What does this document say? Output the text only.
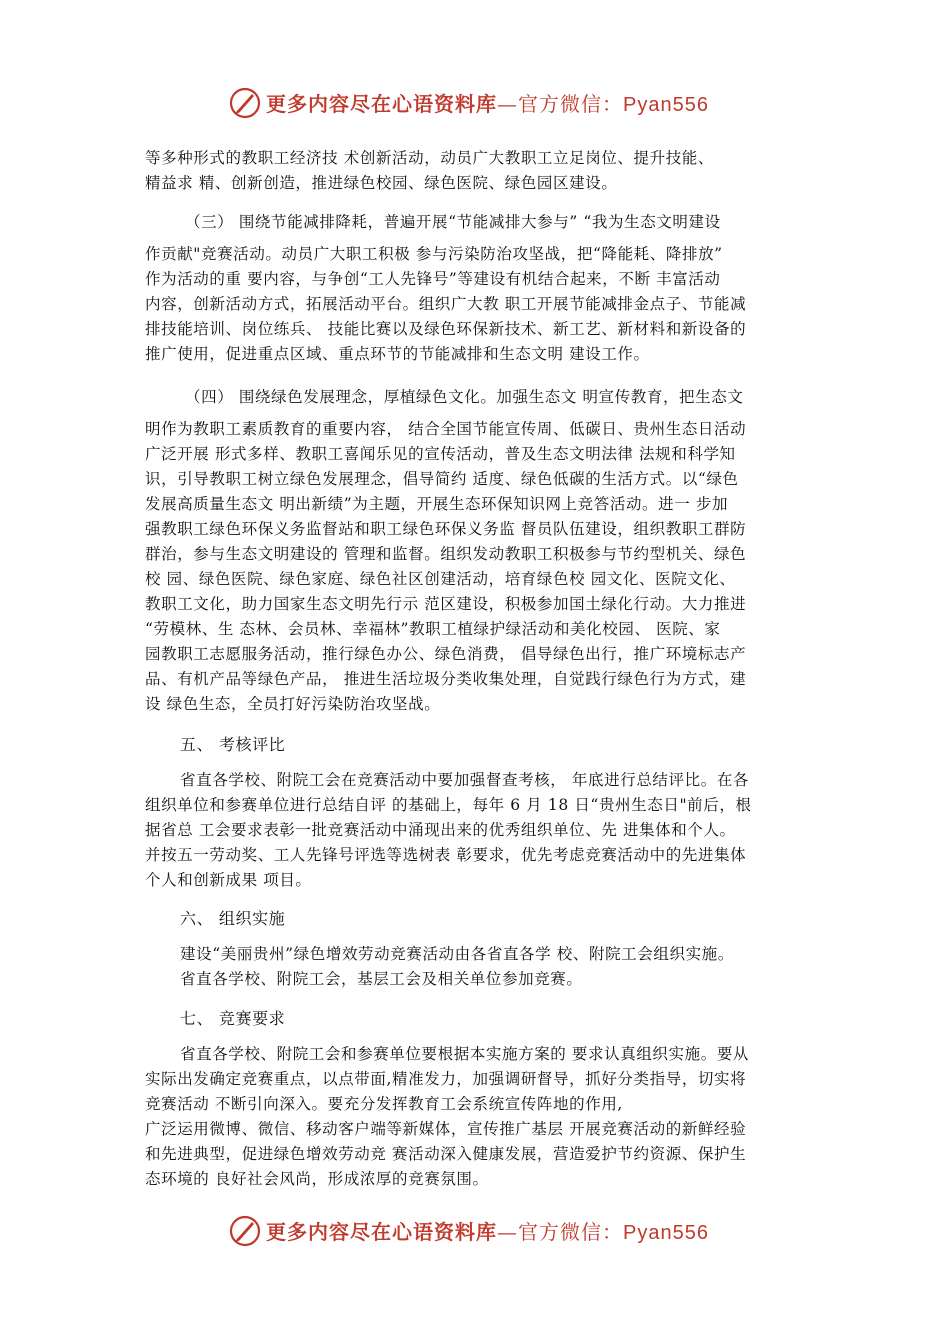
更多内容尽在心语资料库—官方微信：Pyan556
等多种形式的教职工经济技 术创新活动，动员广大教职工立足岗位、提升技能、
精益求 精、创新创造，推进绿色校园、绿色医院、绿色园区建设。
（三） 围绕节能减排降耗，普遍开展“节能减排大参与” “我为生态文明建设
作贡献"竞赛活动。动员广大职工积极 参与污染防治攻坚战，把“降能耗、降排放”
作为活动的重 要内容，与争创“工人先锋号”等建设有机结合起来，不断 丰富活动
内容，创新活动方式，拓展活动平台。组织广大教 职工开展节能减排金点子、节能减
排技能培训、岗位练兵、 技能比赛以及绿色环保新技术、新工艺、新材料和新设备的
推广使用，促进重点区域、重点环节的节能减排和生态文明 建设工作。
（四） 围绕绿色发展理念，厚植绿色文化。加强生态文 明宣传教育，把生态文
明作为教职工素质教育的重要内容， 结合全国节能宣传周、低碳日、贵州生态日活动
广泛开展 形式多样、教职工喜闻乐见的宣传活动，普及生态文明法律 法规和科学知
识，引导教职工树立绿色发展理念，倡导简约 适度、绿色低碳的生活方式。以“绿色
发展高质量生态文 明出新绩”为主题，开展生态环保知识网上竞答活动。进一 步加
强教职工绿色环保义务监督站和职工绿色环保义务监 督员队伍建设，组织教职工群防
群治，参与生态文明建设的 管理和监督。组织发动教职工积极参与节约型机关、绿色
校 园、绿色医院、绿色家庭、绿色社区创建活动，培育绿色校 园文化、医院文化、
教职工文化，助力国家生态文明先行示 范区建设，积极参加国土绿化行动。大力推进
“劳模林、生 态林、会员林、幸福林”教职工植绿护绿活动和美化校园、 医院、家
园教职工志愿服务活动，推行绿色办公、绿色消费， 倡导绿色出行，推广环境标志产
品、有机产品等绿色产品， 推进生活垃圾分类收集处理，自觉践行绿色行为方式，建
设 绿色生态，全员打好污染防治攻坚战。
五、 考核评比
省直各学校、附院工会在竞赛活动中要加强督查考核， 年底进行总结评比。在各
组织单位和参赛单位进行总结自评 的基础上，每年 6 月 18 日“贵州生态日"前后，根
据省总 工会要求表彰一批竞赛活动中涌现出来的优秀组织单位、先 进集体和个人。
并按五一劳动奖、工人先锋号评选等选树表 彰要求，优先考虑竞赛活动中的先进集体
个人和创新成果 项目。
六、 组织实施
建设“美丽贵州”绿色增效劳动竞赛活动由各省直各学 校、附院工会组织实施。
省直各学校、附院工会，基层工会及相关单位参加竞赛。
七、 竞赛要求
省直各学校、附院工会和参赛单位要根据本实施方案的 要求认真组织实施。要从
实际出发确定竞赛重点，以点带面,精准发力，加强调研督导，抓好分类指导，切实将
竞赛活动 不断引向深入。要充分发挥教育工会系统宣传阵地的作用,
广泛运用微博、微信、移动客户端等新媒体，宣传推广基层 开展竞赛活动的新鲜经验
和先进典型，促进绿色增效劳动竞 赛活动深入健康发展，营造爱护节约资源、保护生
态环境的 良好社会风尚，形成浓厚的竞赛氛围。
更多内容尽在心语资料库—官方微信：Pyan556
